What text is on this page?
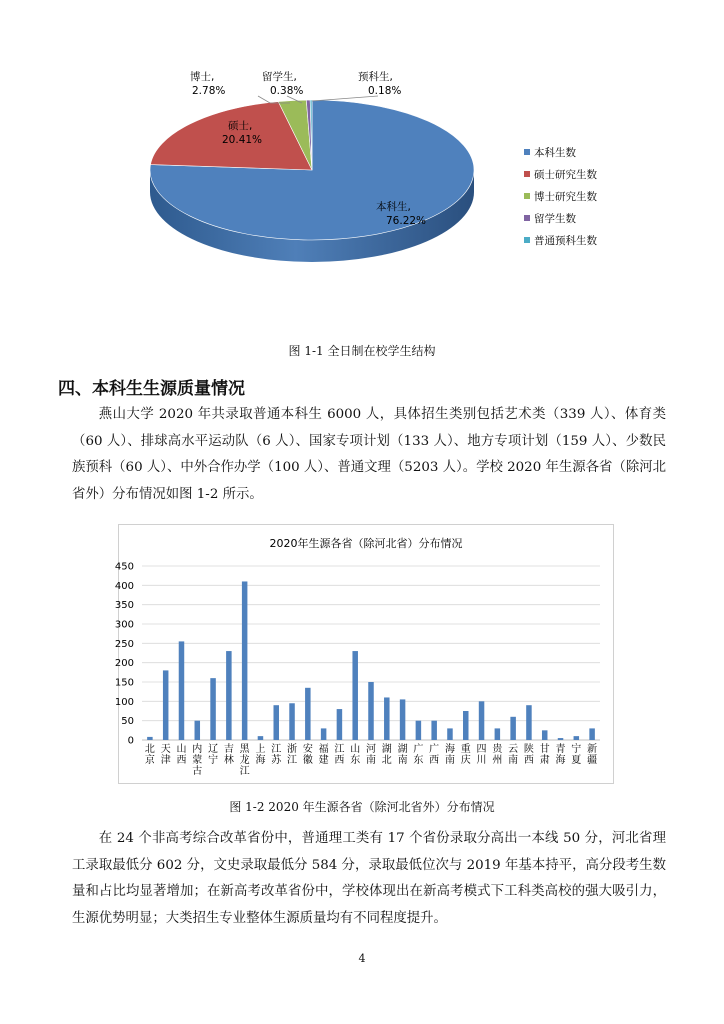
博士,
2.78%
留学生,
0.38%
预科生,
0.18%
硕士,
20.41%
本科生,
76.22%
本科生数
硕士研究生数
博士研究生数
留学生数
普通预科生数
图 1-1 全日制在校学生结构
四、本科生生源质量情况

燕山大学 2020 年共录取普通本科生 6000 人，具体招生类别包括艺术类（339 人）、体育类（60 人）、排球高水平运动队（6 人）、国家专项计划（133 人）、地方专项计划（159 人）、少数民族预科（60 人）、中外合作办学（100 人）、普通文理（5203 人）。学校 2020 年生源各省（除河北省外）分布情况如图 1-2 所示。

2020年生源各省（除河北省）分布情况
0
50
100
150
200
250
300
350
400
450
北京
天津
山西
内蒙古
辽宁
吉林
黑龙江
上海
江苏
浙江
安徽
福建
江西
山东
河南
湖北
湖南
广东
广西
海南
重庆
四川
贵州
云南
陕西
甘肃
青海
宁夏
新疆
图 1-2 2020 年生源各省（除河北省外）分布情况

在 24 个非高考综合改革省份中，普通理工类有 17 个省份录取分高出一本线 50 分，河北省理工录取最低分 602 分，文史录取最低分 584 分，录取最低位次与 2019 年基本持平，高分段考生数量和占比均显著增加；在新高考改革省份中，学校体现出在新高考模式下工科类高校的强大吸引力，生源优势明显；大类招生专业整体生源质量均有不同程度提升。

4
